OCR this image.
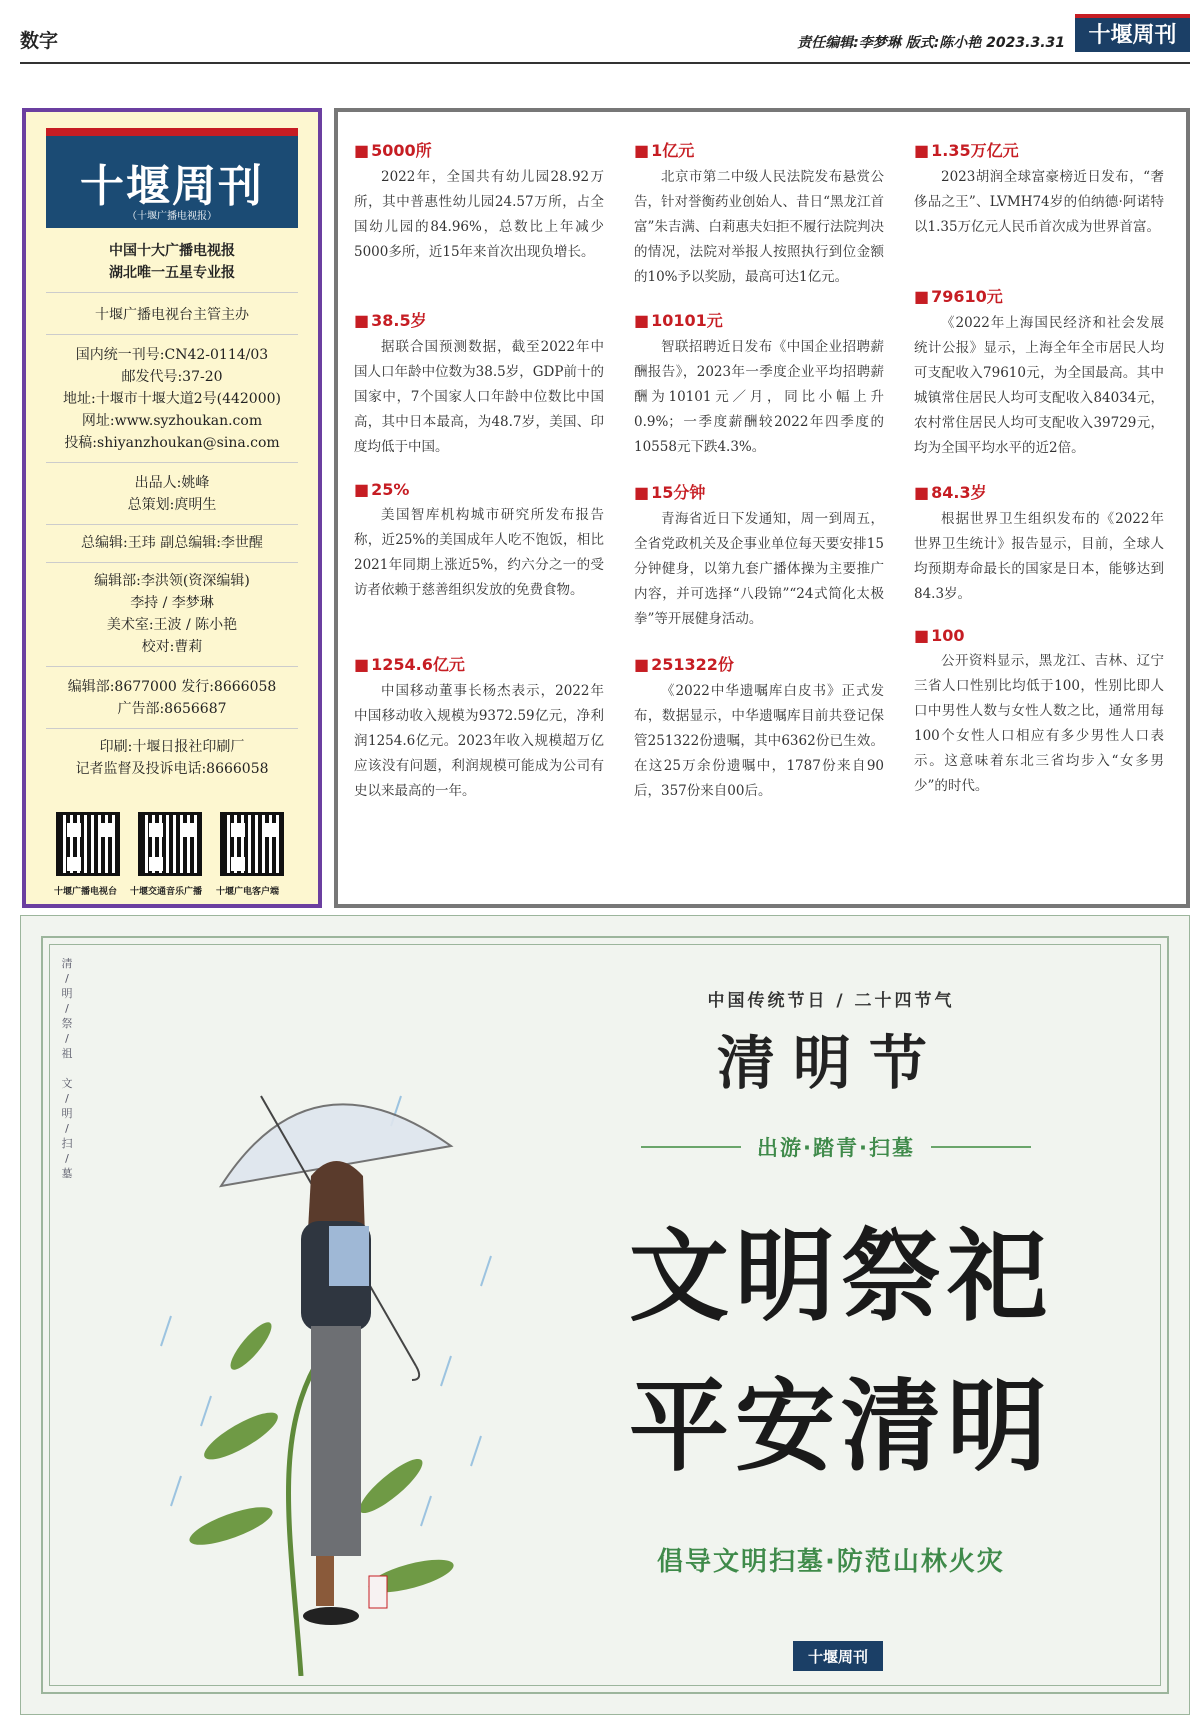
数字	责任编辑:李梦琳 版式:陈小艳 2023.3.31	十堰周刊
十堰周刊
（十堰广播电视报）
中国十大广播电视报
湖北唯一五星专业报
十堰广播电视台主管主办
国内统一刊号:CN42-0114/03
邮发代号:37-20
地址:十堰市十堰大道2号(442000)
网址:www.syzhoukan.com
投稿:shiyanzhoukan@sina.com
出品人:姚峰
总策划:庹明生
总编辑:王玮 副总编辑:李世醒
编辑部:李洪领(资深编辑)
李持 / 李梦琳
美术室:王波 / 陈小艳
校对:曹莉
编辑部:8677000 发行:8666058
广告部:8656687
印刷:十堰日报社印刷厂
记者监督及投诉电话:8666058
十堰广播电视台 十堰交通音乐广播 十堰广电客户端
■ 5000所
2022年，全国共有幼儿园28.92万所，其中普惠性幼儿园24.57万所，占全国幼儿园的84.96%，总数比上年减少5000多所，近15年来首次出现负增长。
■ 38.5岁
据联合国预测数据，截至2022年中国人口年龄中位数为38.5岁，GDP前十的国家中，7个国家人口年龄中位数比中国高，其中日本最高，为48.7岁，美国、印度均低于中国。
■ 25%
美国智库机构城市研究所发布报告称，近25%的美国成年人吃不饱饭，相比2021年同期上涨近5%，约六分之一的受访者依赖于慈善组织发放的免费食物。
■ 1254.6亿元
中国移动董事长杨杰表示，2022年中国移动收入规模为9372.59亿元，净利润1254.6亿元。2023年收入规模超万亿应该没有问题，利润规模可能成为公司有史以来最高的一年。
■ 1亿元
北京市第二中级人民法院发布悬赏公告，针对誉衡药业创始人、昔日“黑龙江首富”朱吉满、白莉惠夫妇拒不履行法院判决的情况，法院对举报人按照执行到位金额的10%予以奖励，最高可达1亿元。
■ 10101元
智联招聘近日发布《中国企业招聘薪酬报告》，2023年一季度企业平均招聘薪酬为10101元／月，同比小幅上升0.9%；一季度薪酬较2022年四季度的10558元下跌4.3%。
■ 15分钟
青海省近日下发通知，周一到周五，全省党政机关及企事业单位每天要安排15分钟健身，以第九套广播体操为主要推广内容，并可选择“八段锦”“24式简化太极拳”等开展健身活动。
■ 251322份
《2022中华遗嘱库白皮书》正式发布，数据显示，中华遗嘱库目前共登记保管251322份遗嘱，其中6362份已生效。在这25万余份遗嘱中，1787份来自90后，357份来自00后。
■ 1.35万亿元
2023胡润全球富豪榜近日发布，“奢侈品之王”、LVMH74岁的伯纳德·阿诺特以1.35万亿元人民币首次成为世界首富。
■ 79610元
《2022年上海国民经济和社会发展统计公报》显示，上海全年全市居民人均可支配收入79610元，为全国最高。其中城镇常住居民人均可支配收入84034元，农村常住居民人均可支配收入39729元，均为全国平均水平的近2倍。
■ 84.3岁
根据世界卫生组织发布的《2022年世界卫生统计》报告显示，目前，全球人均预期寿命最长的国家是日本，能够达到84.3岁。
■ 100
公开资料显示，黑龙江、吉林、辽宁三省人口性别比均低于100，性别比即人口中男性人数与女性人数之比，通常用每100个女性人口相应有多少男性人口表示。这意味着东北三省均步入“女多男少”的时代。
清
/
明
/
祭
/
祖

文
/
明
/
扫
/
墓
中国传统节日 / 二十四节气
清明节
出游·踏青·扫墓
文明祭祀
平安清明
倡导文明扫墓·防范山林火灾
十堰周刊
